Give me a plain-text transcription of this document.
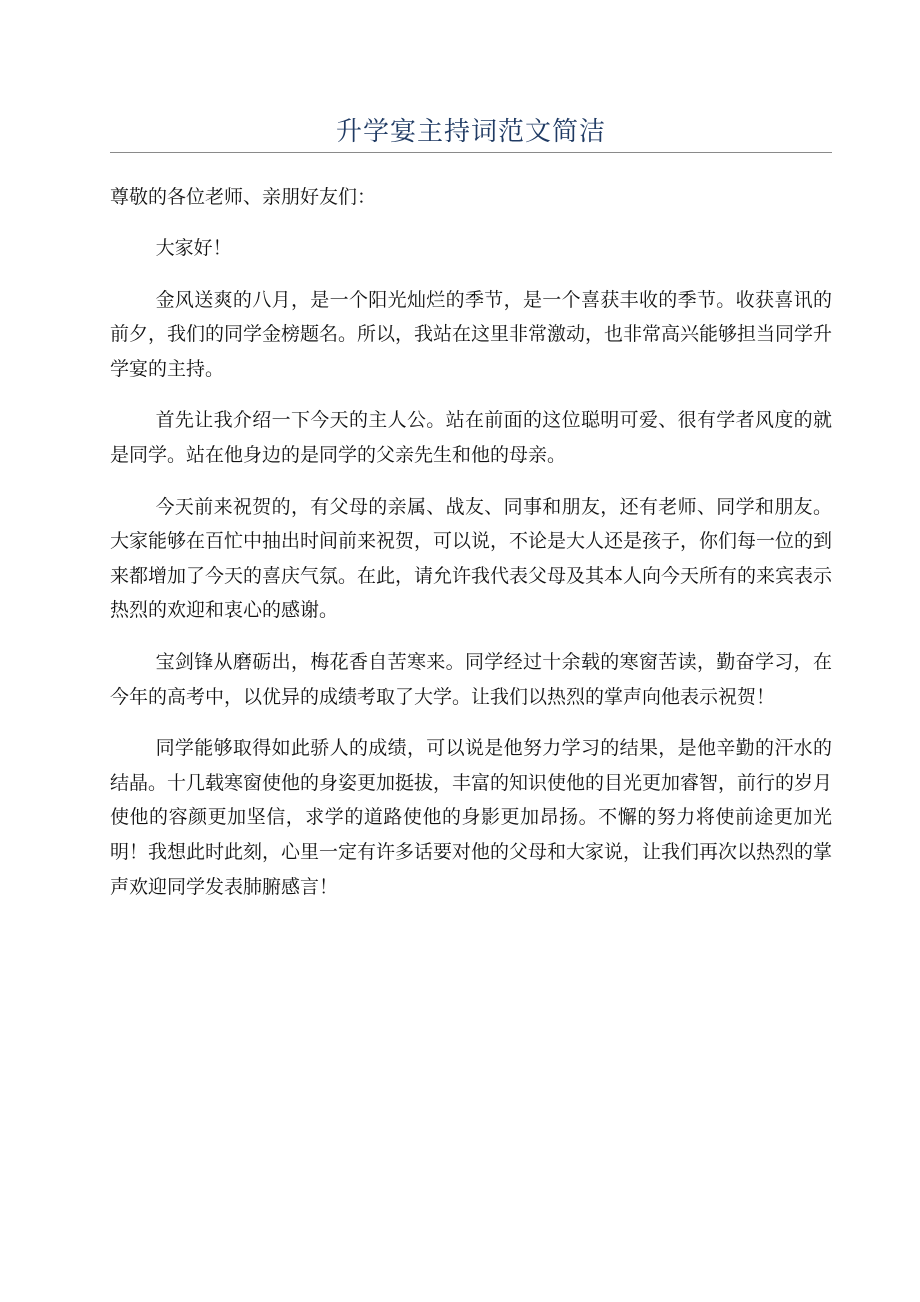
升学宴主持词范文简洁

尊敬的各位老师、亲朋好友们：

大家好！

金风送爽的八月，是一个阳光灿烂的季节，是一个喜获丰收的季节。收获喜讯的前夕，我们的同学金榜题名。所以，我站在这里非常激动，也非常高兴能够担当同学升学宴的主持。

首先让我介绍一下今天的主人公。站在前面的这位聪明可爱、很有学者风度的就是同学。站在他身边的是同学的父亲先生和他的母亲。

今天前来祝贺的，有父母的亲属、战友、同事和朋友，还有老师、同学和朋友。大家能够在百忙中抽出时间前来祝贺，可以说，不论是大人还是孩子，你们每一位的到来都增加了今天的喜庆气氛。在此，请允许我代表父母及其本人向今天所有的来宾表示热烈的欢迎和衷心的感谢。

宝剑锋从磨砺出，梅花香自苦寒来。同学经过十余载的寒窗苦读，勤奋学习，在今年的高考中，以优异的成绩考取了大学。让我们以热烈的掌声向他表示祝贺！

同学能够取得如此骄人的成绩，可以说是他努力学习的结果，是他辛勤的汗水的结晶。十几载寒窗使他的身姿更加挺拔，丰富的知识使他的目光更加睿智，前行的岁月使他的容颜更加坚信，求学的道路使他的身影更加昂扬。不懈的努力将使前途更加光明！我想此时此刻，心里一定有许多话要对他的父母和大家说，让我们再次以热烈的掌声欢迎同学发表肺腑感言！
